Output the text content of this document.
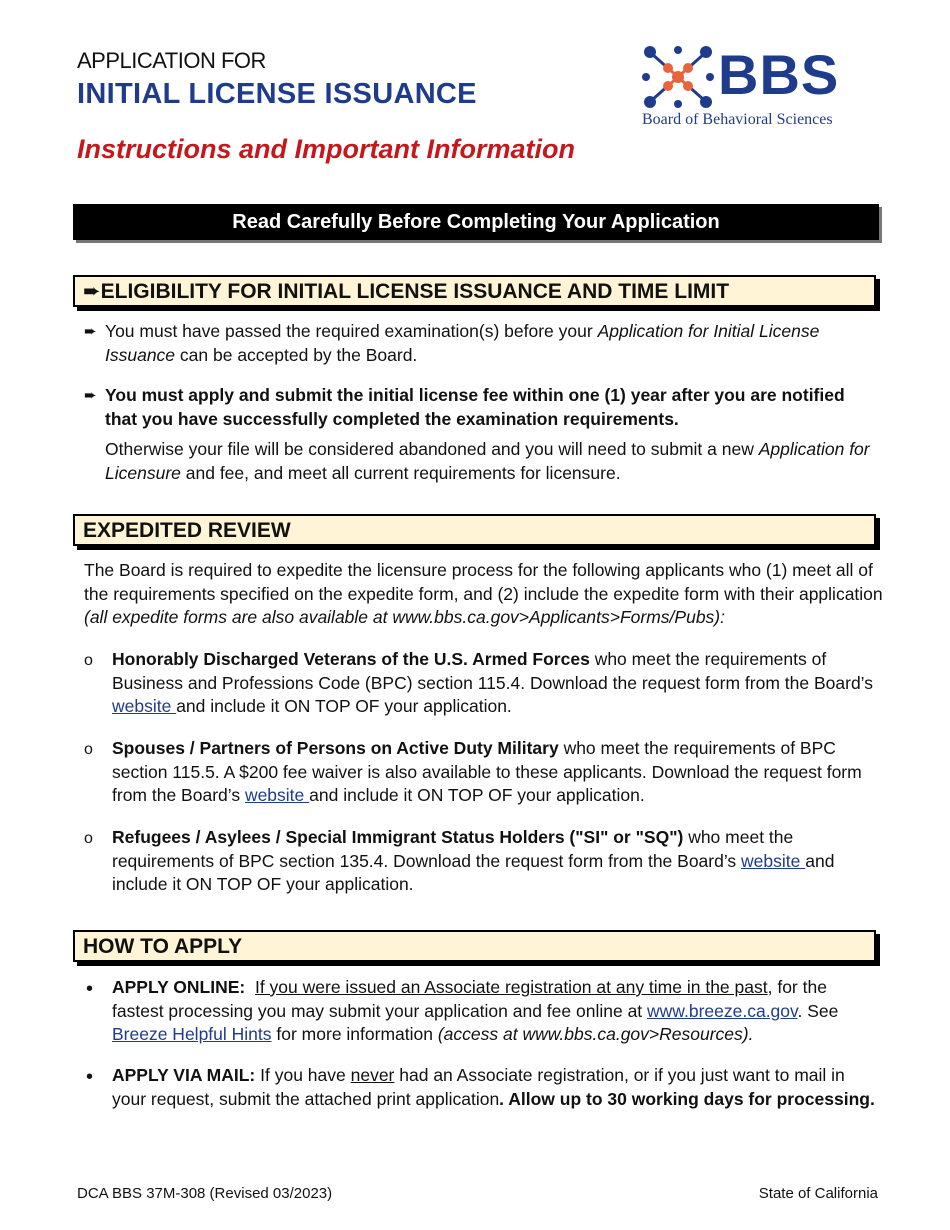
APPLICATION FOR
INITIAL LICENSE ISSUANCE
Instructions and Important Information
BBS
Board of Behavioral Sciences
Read Carefully Before Completing Your Application
➨ELIGIBILITY FOR INITIAL LICENSE ISSUANCE AND TIME LIMIT
➨ You must have passed the required examination(s) before your Application for Initial License Issuance can be accepted by the Board.
➨ You must apply and submit the initial license fee within one (1) year after you are notified that you have successfully completed the examination requirements.
Otherwise your file will be considered abandoned and you will need to submit a new Application for Licensure and fee, and meet all current requirements for licensure.
EXPEDITED REVIEW
The Board is required to expedite the licensure process for the following applicants who (1) meet all of the requirements specified on the expedite form, and (2) include the expedite form with their application (all expedite forms are also available at www.bbs.ca.gov>Applicants>Forms/Pubs):
o Honorably Discharged Veterans of the U.S. Armed Forces who meet the requirements of Business and Professions Code (BPC) section 115.4. Download the request form from the Board’s website and include it ON TOP OF your application.
o Spouses / Partners of Persons on Active Duty Military who meet the requirements of BPC section 115.5. A $200 fee waiver is also available to these applicants. Download the request form from the Board’s website and include it ON TOP OF your application.
o Refugees / Asylees / Special Immigrant Status Holders ("SI" or "SQ") who meet the requirements of BPC section 135.4. Download the request form from the Board’s website and include it ON TOP OF your application.
HOW TO APPLY
• APPLY ONLINE: If you were issued an Associate registration at any time in the past, for the fastest processing you may submit your application and fee online at www.breeze.ca.gov. See Breeze Helpful Hints for more information (access at www.bbs.ca.gov>Resources).
• APPLY VIA MAIL: If you have never had an Associate registration, or if you just want to mail in your request, submit the attached print application. Allow up to 30 working days for processing.
DCA BBS 37M-308 (Revised 03/2023)	State of California
